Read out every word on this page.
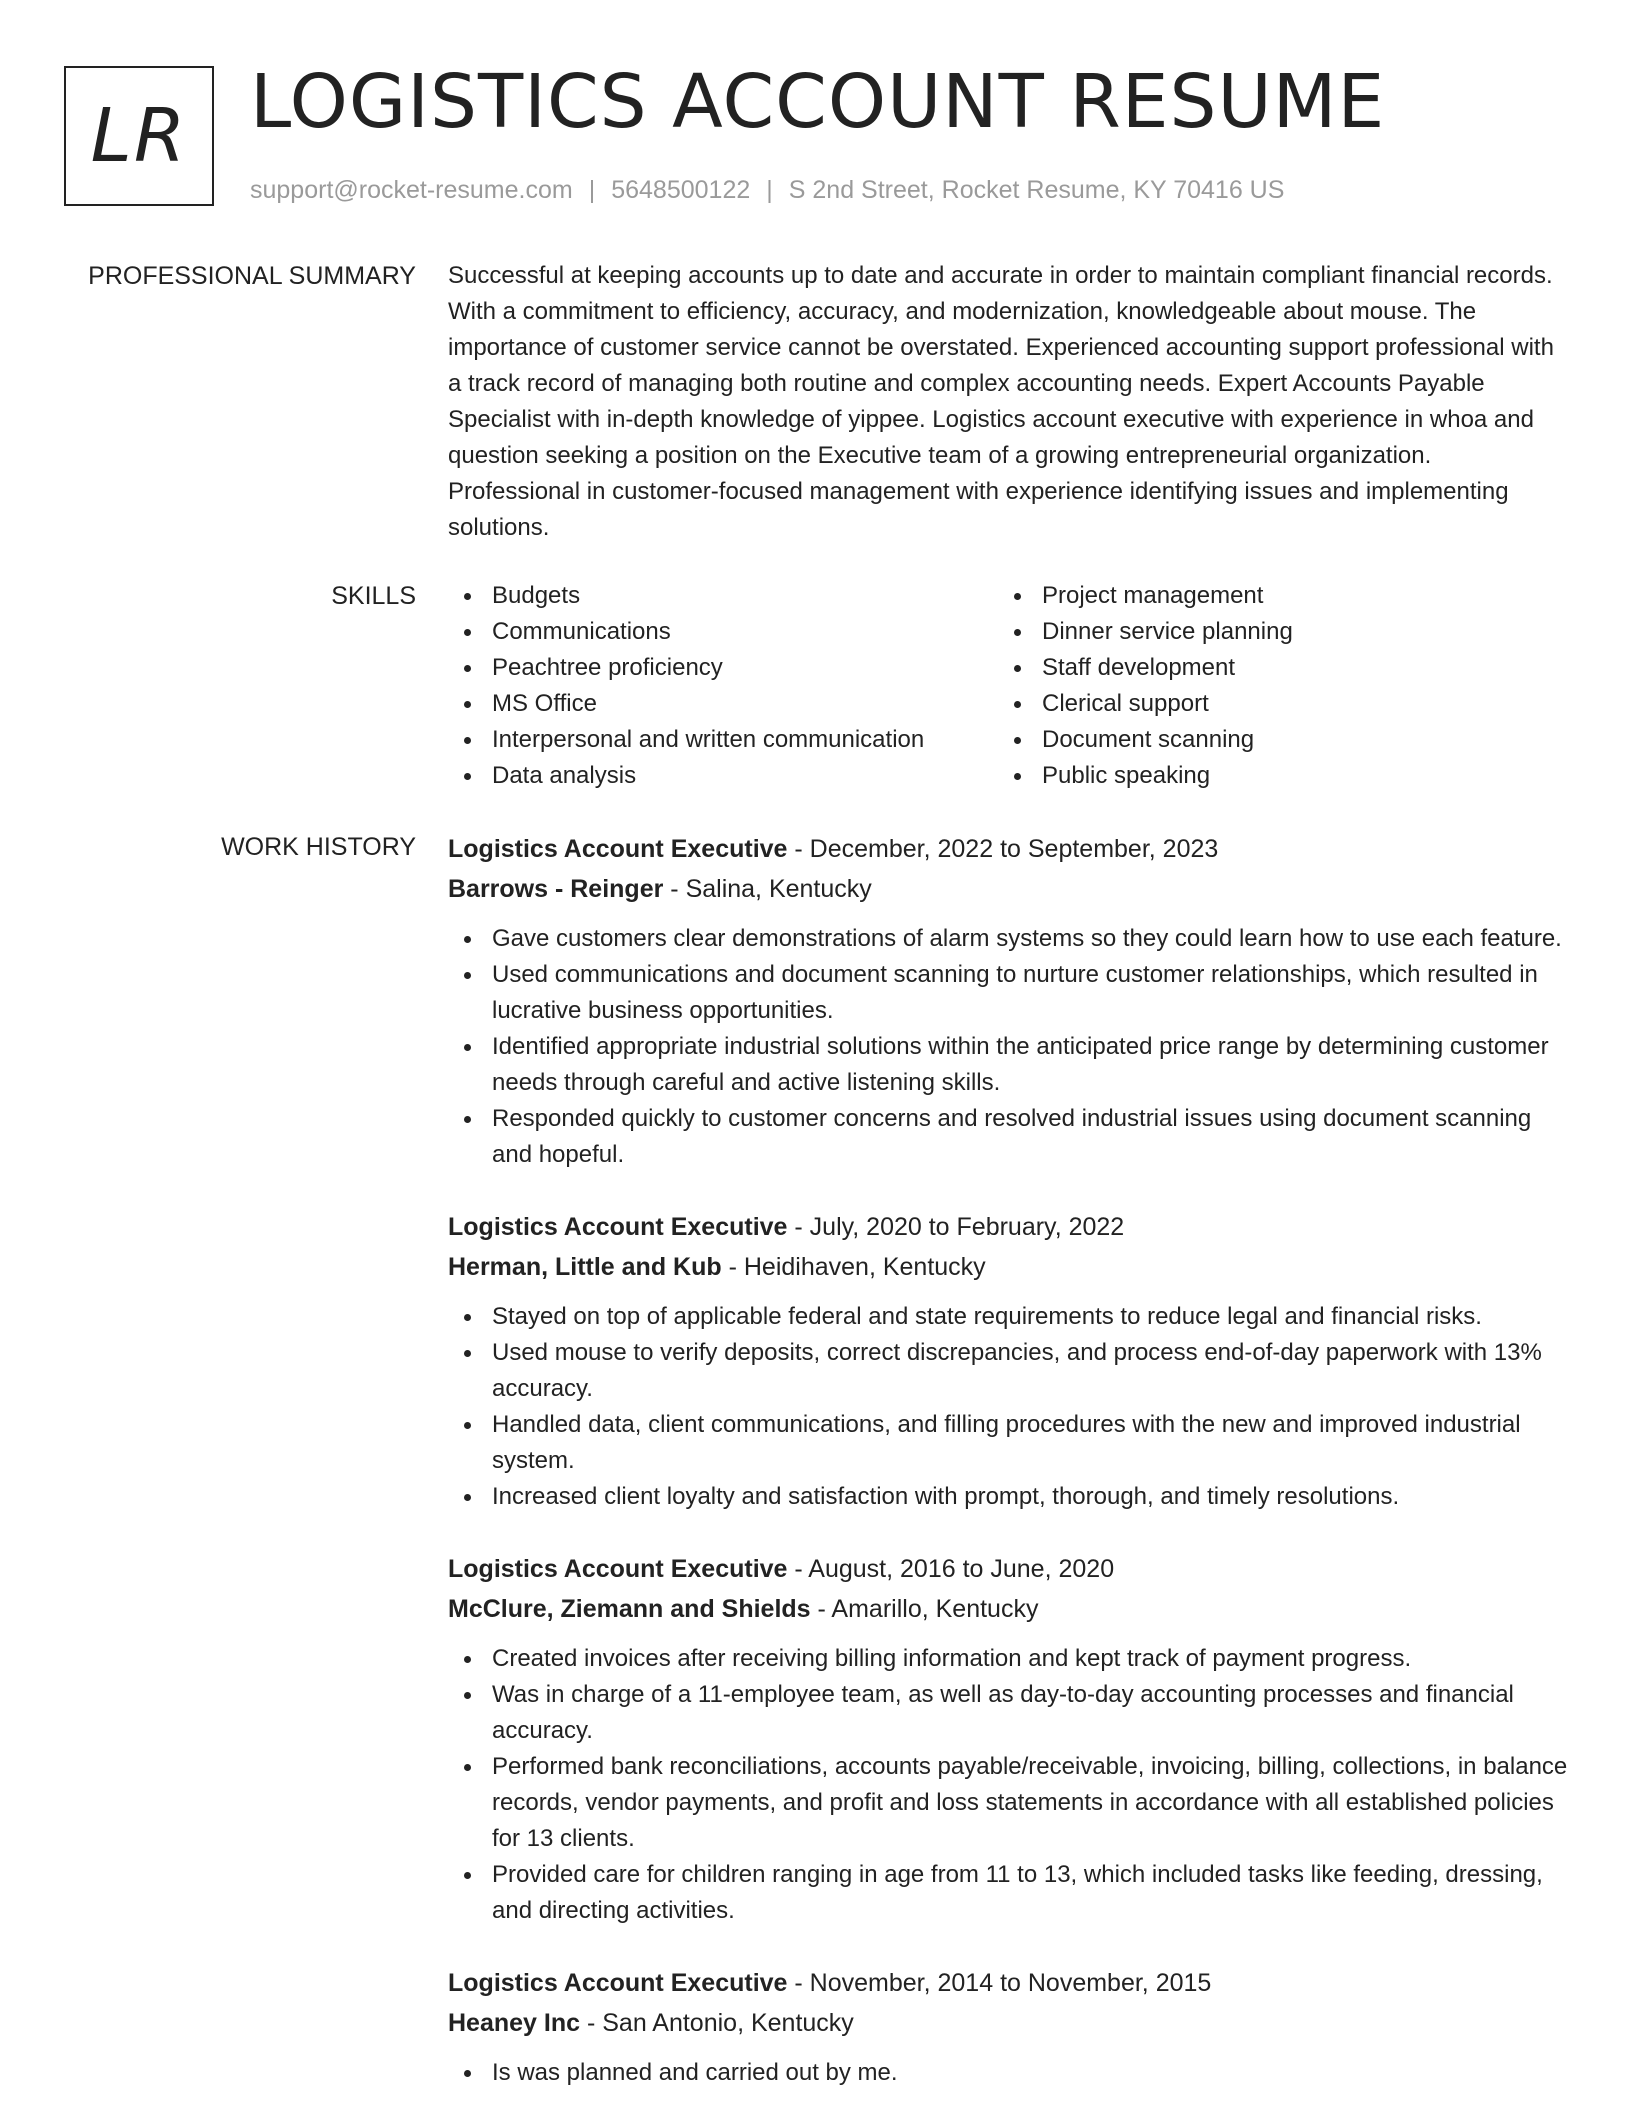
LR LOGISTICS ACCOUNT RESUME
support@rocket-resume.com | 5648500122 | S 2nd Street, Rocket Resume, KY 70416 US
PROFESSIONAL SUMMARY Successful at keeping accounts up to date and accurate in order to maintain compliant financial records. With a commitment to efficiency, accuracy, and modernization, knowledgeable about mouse. The importance of customer service cannot be overstated. Experienced accounting support professional with a track record of managing both routine and complex accounting needs. Expert Accounts Payable Specialist with in-depth knowledge of yippee. Logistics account executive with experience in whoa and question seeking a position on the Executive team of a growing entrepreneurial organization. Professional in customer-focused management with experience identifying issues and implementing solutions.

SKILLS	Budgets
Communications
Peachtree proficiency
MS Office
Interpersonal and written communication
Data analysis
Project management
Dinner service planning
Staff development
Clerical support
Document scanning
Public speaking
WORK HISTORY Logistics Account Executive - December, 2022 to September, 2023
Barrows - Reinger - Salina, Kentucky
Gave customers clear demonstrations of alarm systems so they could learn how to use each feature.
Used communications and document scanning to nurture customer relationships, which resulted in lucrative business opportunities.
Identified appropriate industrial solutions within the anticipated price range by determining customer needs through careful and active listening skills.
Responded quickly to customer concerns and resolved industrial issues using document scanning and hopeful.
Logistics Account Executive - July, 2020 to February, 2022
Herman, Little and Kub - Heidihaven, Kentucky
Stayed on top of applicable federal and state requirements to reduce legal and financial risks.
Used mouse to verify deposits, correct discrepancies, and process end-of-day paperwork with 13% accuracy.
Handled data, client communications, and filling procedures with the new and improved industrial system.
Increased client loyalty and satisfaction with prompt, thorough, and timely resolutions.
Logistics Account Executive - August, 2016 to June, 2020
McClure, Ziemann and Shields - Amarillo, Kentucky
Created invoices after receiving billing information and kept track of payment progress.
Was in charge of a 11-employee team, as well as day-to-day accounting processes and financial accuracy.
Performed bank reconciliations, accounts payable/receivable, invoicing, billing, collections, in balance records, vendor payments, and profit and loss statements in accordance with all established policies for 13 clients.
Provided care for children ranging in age from 11 to 13, which included tasks like feeding, dressing, and directing activities.
Logistics Account Executive - November, 2014 to November, 2015
Heaney Inc - San Antonio, Kentucky
Is was planned and carried out by me.
